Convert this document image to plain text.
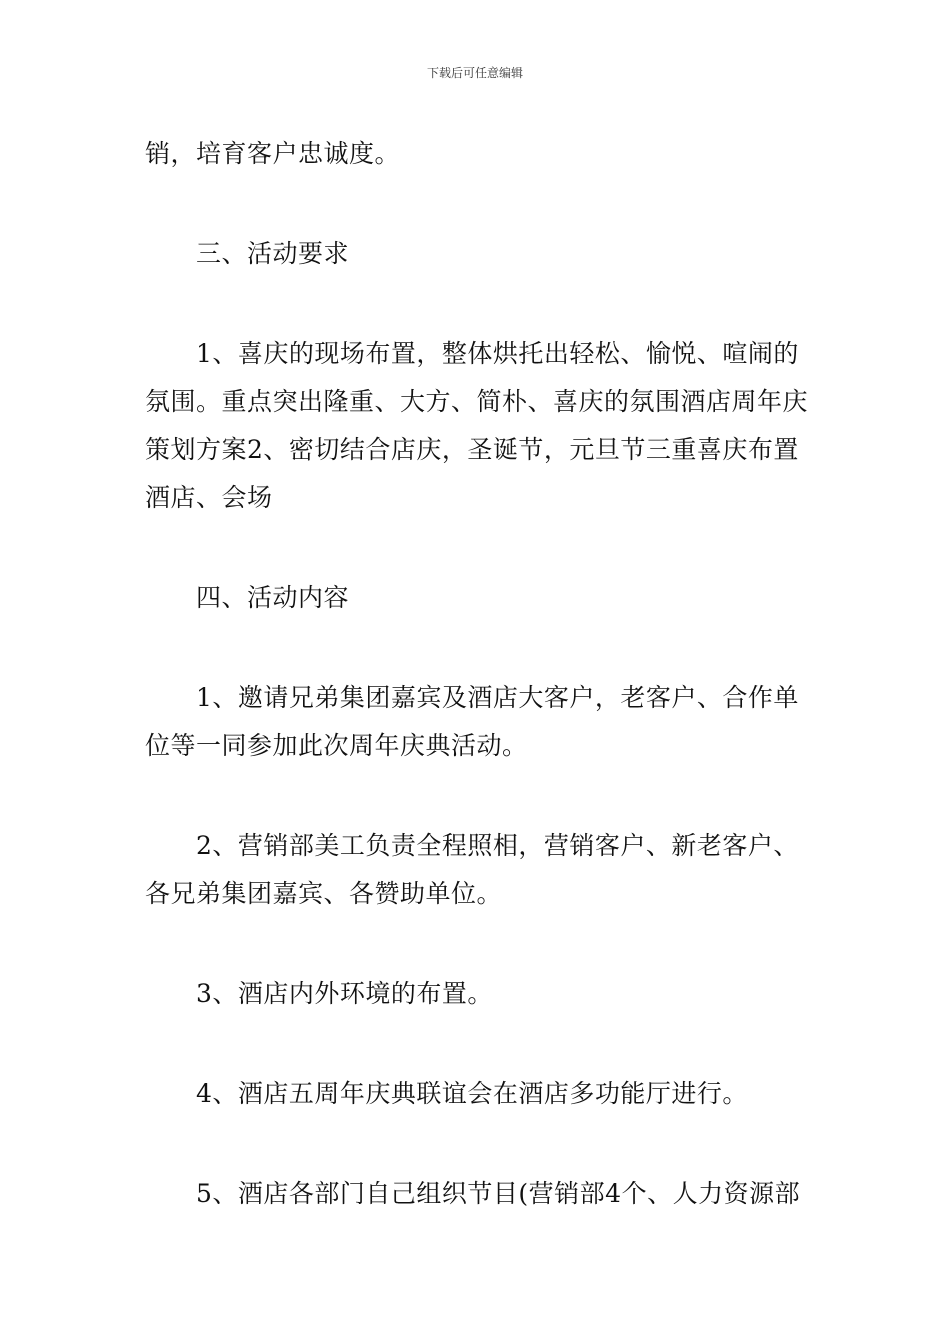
下载后可任意编辑

销，培育客户忠诚度。

三、活动要求

1、喜庆的现场布置，整体烘托出轻松、愉悦、喧闹的氛围。重点突出隆重、大方、简朴、喜庆的氛围酒店周年庆策划方案2、密切结合店庆，圣诞节，元旦节三重喜庆布置酒店、会场

四、活动内容

1、邀请兄弟集团嘉宾及酒店大客户，老客户、合作单位等一同参加此次周年庆典活动。

2、营销部美工负责全程照相，营销客户、新老客户、各兄弟集团嘉宾、各赞助单位。

3、酒店内外环境的布置。

4、酒店五周年庆典联谊会在酒店多功能厅进行。

5、酒店各部门自己组织节目(营销部4个、人力资源部
